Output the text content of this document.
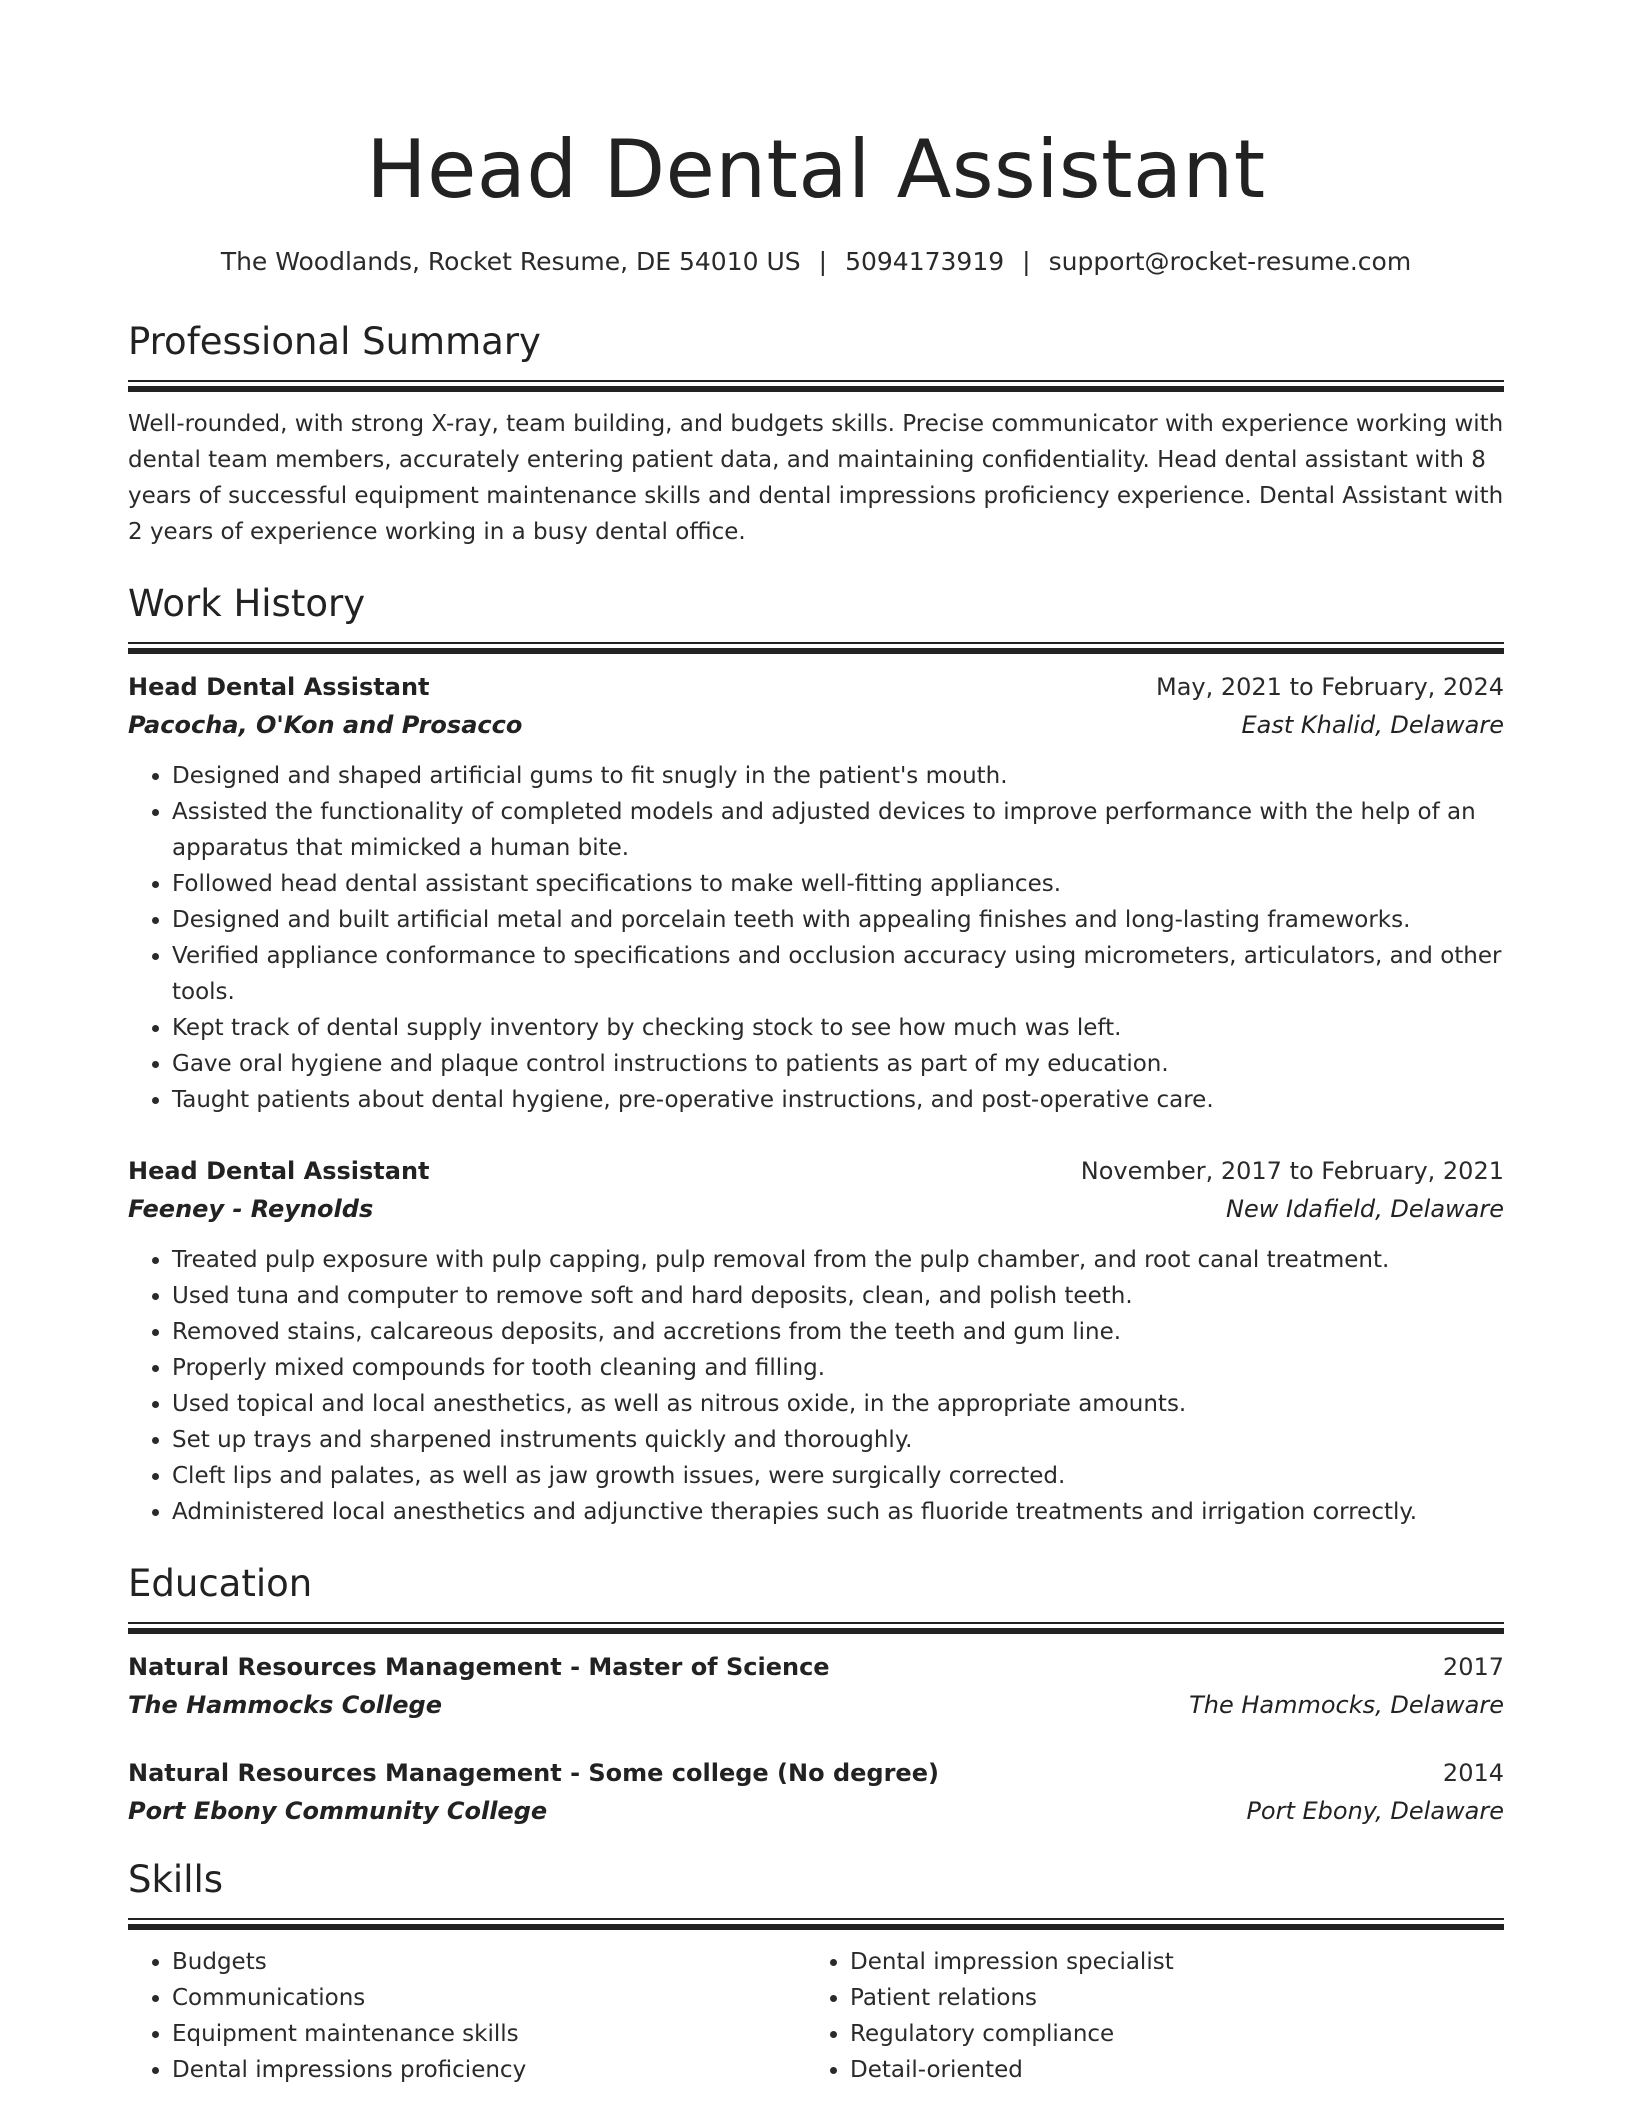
Head Dental Assistant
The Woodlands, Rocket Resume, DE 54010 US | 5094173919 | support@rocket-resume.com
Professional Summary
Well-rounded, with strong X-ray, team building, and budgets skills. Precise communicator with experience working with dental team members, accurately entering patient data, and maintaining confidentiality. Head dental assistant with 8 years of successful equipment maintenance skills and dental impressions proficiency experience. Dental Assistant with 2 years of experience working in a busy dental office.
Work History
Head Dental Assistant	May, 2021 to February, 2024
Pacocha, O'Kon and Prosacco	East Khalid, Delaware
• Designed and shaped artificial gums to fit snugly in the patient's mouth.
• Assisted the functionality of completed models and adjusted devices to improve performance with the help of an apparatus that mimicked a human bite.
• Followed head dental assistant specifications to make well-fitting appliances.
• Designed and built artificial metal and porcelain teeth with appealing finishes and long-lasting frameworks.
• Verified appliance conformance to specifications and occlusion accuracy using micrometers, articulators, and other tools.
• Kept track of dental supply inventory by checking stock to see how much was left.
• Gave oral hygiene and plaque control instructions to patients as part of my education.
• Taught patients about dental hygiene, pre-operative instructions, and post-operative care.
Head Dental Assistant	November, 2017 to February, 2021
Feeney - Reynolds	New Idafield, Delaware
• Treated pulp exposure with pulp capping, pulp removal from the pulp chamber, and root canal treatment.
• Used tuna and computer to remove soft and hard deposits, clean, and polish teeth.
• Removed stains, calcareous deposits, and accretions from the teeth and gum line.
• Properly mixed compounds for tooth cleaning and filling.
• Used topical and local anesthetics, as well as nitrous oxide, in the appropriate amounts.
• Set up trays and sharpened instruments quickly and thoroughly.
• Cleft lips and palates, as well as jaw growth issues, were surgically corrected.
• Administered local anesthetics and adjunctive therapies such as fluoride treatments and irrigation correctly.
Education
Natural Resources Management - Master of Science	2017
The Hammocks College	The Hammocks, Delaware
Natural Resources Management - Some college (No degree)	2014
Port Ebony Community College	Port Ebony, Delaware
Skills
• Budgets
• Communications
• Equipment maintenance skills
• Dental impressions proficiency
• Dental impression specialist
• Patient relations
• Regulatory compliance
• Detail-oriented
